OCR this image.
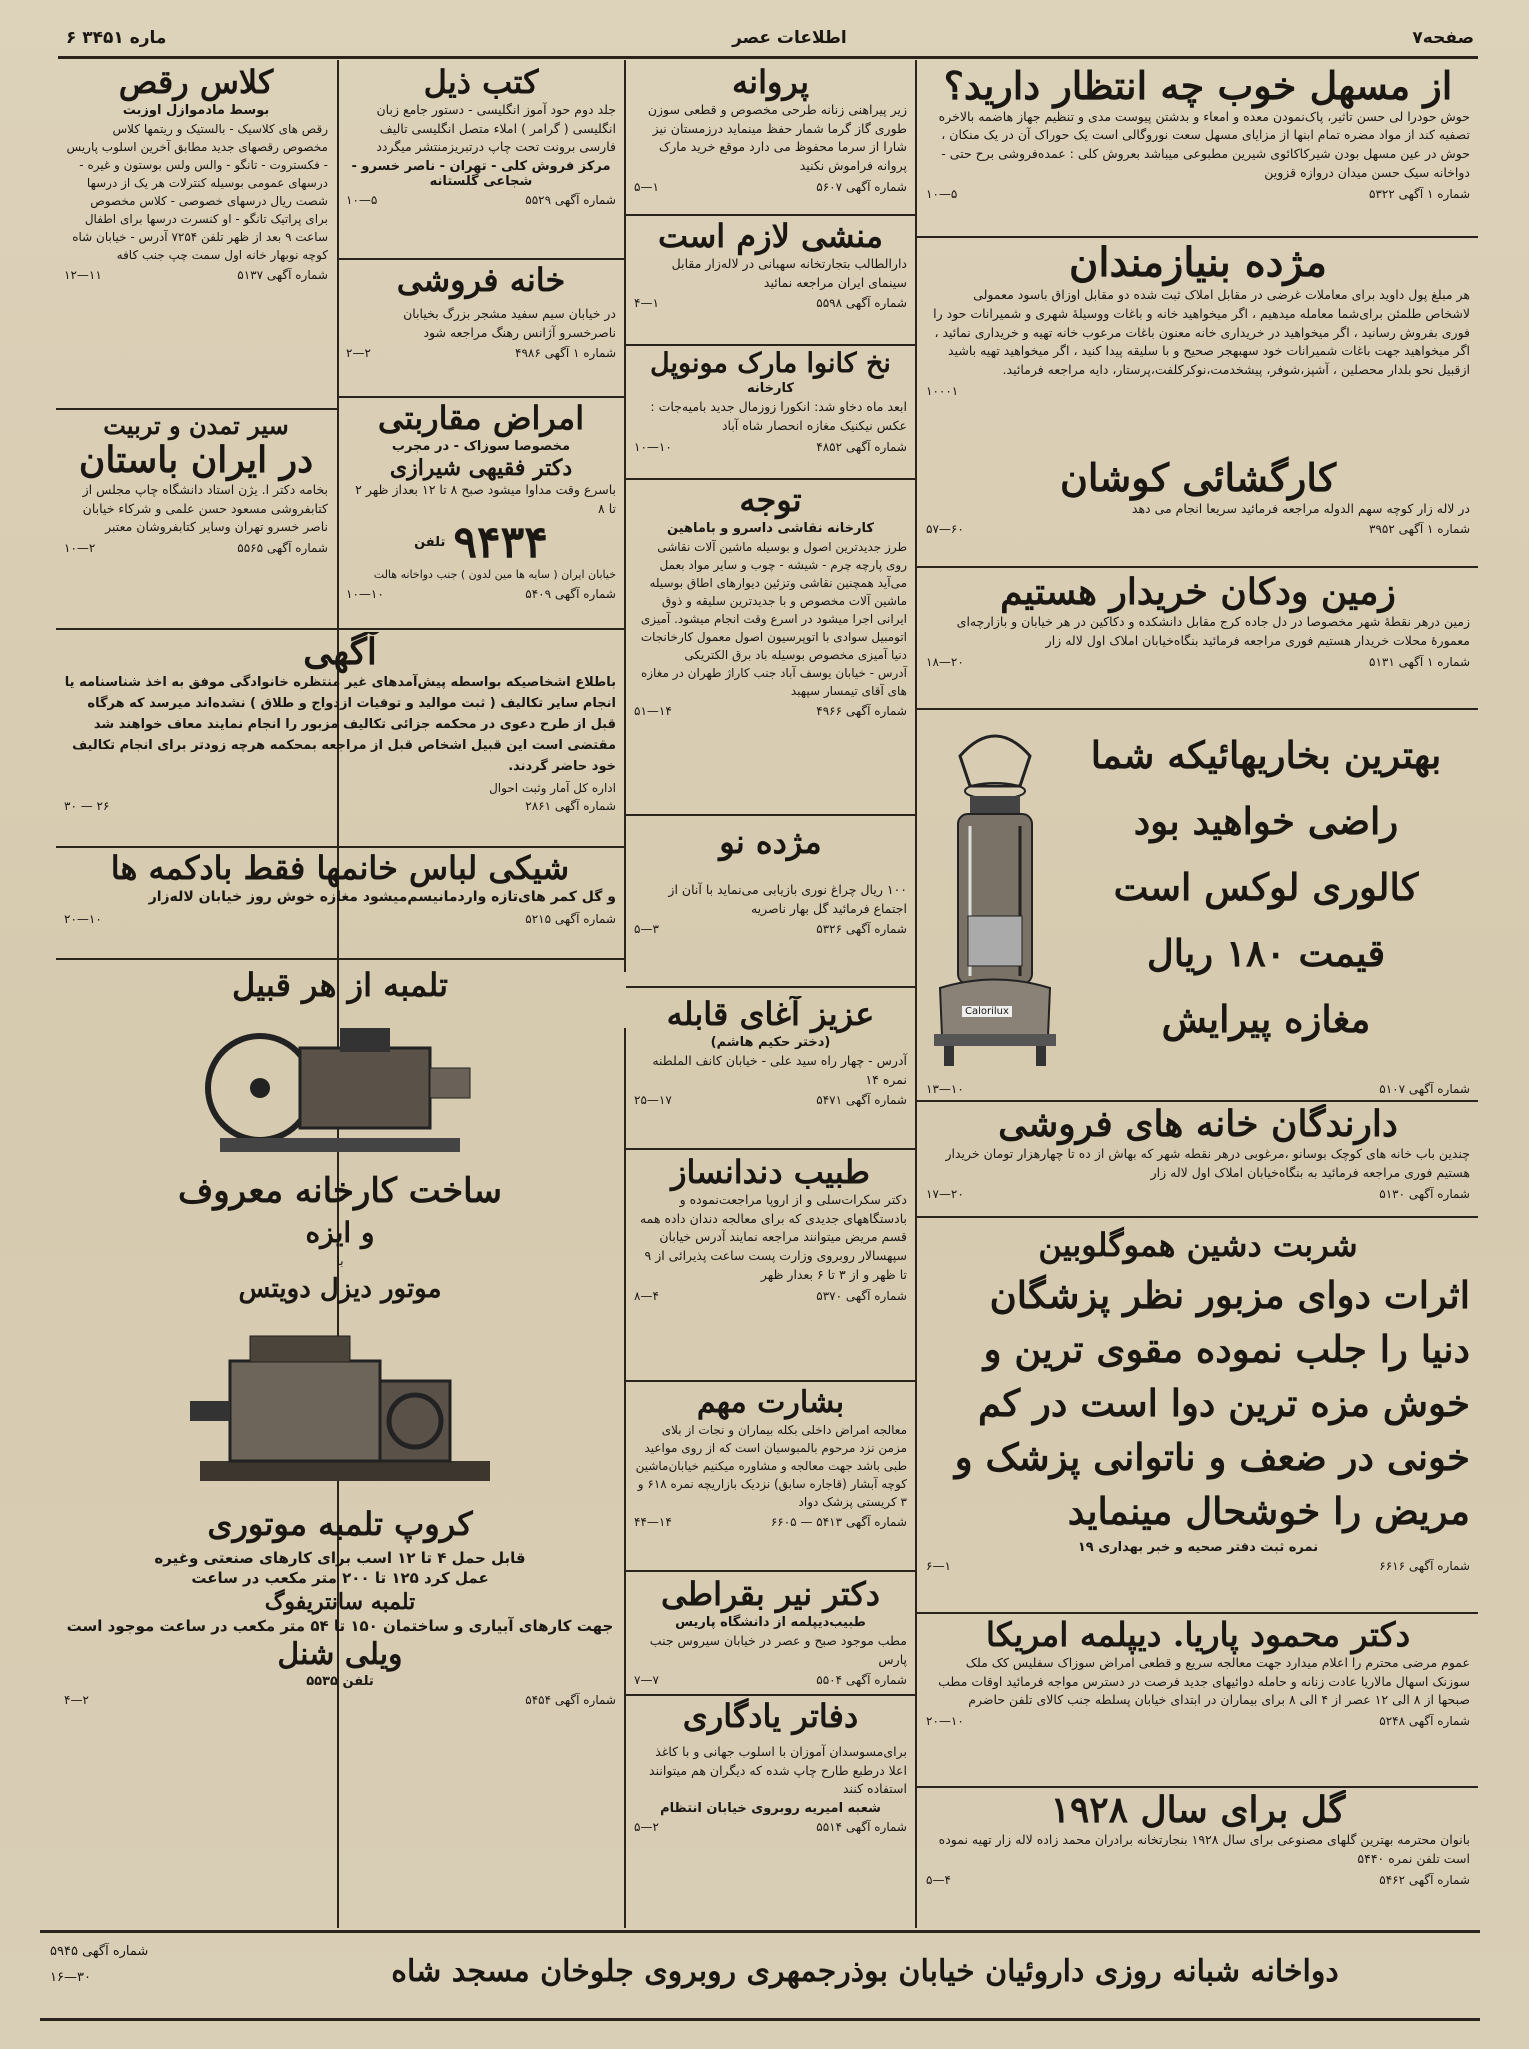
۶ ماره ۳۴۵۱	اطلاعات عصر	صفحه۷
از مسهل خوب چه انتظار دارید؟

حوش حودرا لی حسن تاثیر، پاک‌نمودن معده و امعاء و بدشتن پیوست مدی و تنظیم جهاز هاضمه بالاخره تصفیه کند از مواد مضره تمام ابنها از مزایای مسهل سعت نوروگالی است یک حوراک آن در یک منکان ، حوش در عین مسهل بودن شیرکاکائوی شیرین مطبوعی میباشد بعروش کلی : عمده‌فروشی برح حتی - دواخانه سیک حسن میدان دروازه قزوین

شماره ۱ آگهی ۵۳۲۲
۵—۱۰
مژده بنیازمندان

هر مبلغ پول داوید برای معاملات غرضی در مقابل املاک ثبت شده دو مقابل اوزاق باسود معمولی لاشخاص طلمئن برای‌شما معامله میدهیم ، اگر میخواهید خانه و باغات ووسیلهٔ شهری و شمیرانات حود را فوری بفروش رسانید ، اگر میخواهید در خریداری خانه معنون باغات مرعوب خانه تهیه و خریداری نمائید ، اگر میخواهید جهت باغات شمیرانات خود سهبهجر صحیح و با سلیقه پیدا کنید ، اگر میخواهید تهیه باشید ازقبیل نحو بلدار محصلین ، آشپز،شوفر، پیشخدمت،نوکرکلفت،پرستار، دایه مراجعه فرمائید.

۱۰۰۰۱
کارگشائی کوشان

در لاله زار کوچه سهم الدوله مراجعه فرمائید سریعا انجام می دهد

شماره ۱ آگهی ۳۹۵۲
۶۰—۵۷
زمین ودکان خریدار هستیم

زمین درهر نقطهٔ شهر مخصوصا در دل جاده کرج مقابل دانشکده و دکاکین در هر خیابان و بازارچه‌ای معمورهٔ محلات خریدار هستیم فوری مراجعه فرمائید بنگاه‌خیابان املاک اول لاله زار

شماره ۱ آگهی ۵۱۳۱
۲۰—۱۸
بهترین بخاریهائیکه شما
راضی خواهید بود
کالوری لوکس است
قیمت ۱۸۰ ریال
مغازه پیرایش
Calorilux
شماره آگهی ۵۱۰۷
۱۰—۱۳
دارندگان خانه های فروشی

چندین باب خانه های کوچک بوسانو ،مرغوبی درهر نقطه شهر که بهاش از ده تا چهارهزار تومان خریدار هستیم فوری مراجعه فرمائید به بنگاه‌خیابان املاک اول لاله زار

شماره آگهی ۵۱۳۰
۲۰—۱۷
شربت دشین هموگلوبین
اثرات دوای مزبور نظر پزشگان
دنیا را جلب نموده مقوی ترین و
خوش مزه ترین دوا است در کم
خونی در ضعف و ناتوانی پزشک و
مریض را خوشحال مینماید
نمره ثبت دفتر صحیه و خبر بهداری ۱۹
شماره آگهی ۶۶۱۶
۱—۶
دکتر محمود پاریا. دیپلمه امریکا

عموم مرضی محترم را اعلام میدارد جهت معالجه سریع و قطعی امراض سوزاک سفلیس کک ملک سوزنک اسهال مالاریا عادت زنانه و حامله دوائیهای جدید فرصت در دسترس مواجه فرمائید اوقات مطب صبحها از ۸ الی ۱۲ عصر از ۴ الی ۸ برای بیماران در ابتدای خیابان پسلطه جنب کالای تلفن حاضرم

شماره آگهی ۵۲۴۸
۱۰—۲۰
گل برای سال ۱۹۲۸

بانوان محترمه بهترین گلهای مصنوعی برای سال ۱۹۲۸ بنجارتخانه برادران محمد زاده لاله زار تهیه نموده است تلفن نمره ۵۴۴۰

شماره آگهی ۵۴۶۲
۴—۵
پروانه

زیر پیراهنی زنانه طرحی مخصوص و قطعی سوزن طوری گاز گرما شمار حفظ مینماید درزمستان نیز شارا از سرما محفوظ می دارد موقع خرید مارک پروانه فراموش نکنید

شماره آگهی ۵۶۰۷
۱—۵
منشی لازم است

دارالطالب بتجارتخانه سهبانی در لاله‌زار مقابل سینمای ایران مراجعه نمائید

شماره آگهی ۵۵۹۸
۱—۴
نخ کانوا مارک مونوپل
کارخانه

ابعد ماه دخاو شد: انکورا زوزمال جدید بامیه‌جات : عکس نیکنیک مغازه انحصار شاه آباد

شماره آگهی ۴۸۵۲
۱۰—۱۰
توجه
کارخانه نقاشی داسرو و باماهین

طرز جدیدترین اصول و بوسیله ماشین آلات نقاشی روی پارچه چرم - شیشه - چوب و سایر مواد بعمل می‌آید همچنین نقاشی وتزئین دیوارهای اطاق بوسیله ماشین آلات مخصوص و با جدیدترین سلیقه و ذوق ایرانی اجرا میشود در اسرع وقت انجام میشود. آمیزی اتومبیل سوادی با اتوپرسیون اصول معمول کارخانجات دنیا آمیزی مخصوص بوسیله باد برق الکتریکی

آدرس - خیابان یوسف آباد جنب کاراژ طهران در مغازه های آقای تیمسار سپهبد

شماره آگهی ۴۹۶۶
۱۴—۵۱
مژده نو

۱۰۰ ریال چراغ نوری بازیابی می‌نماید با آنان از اجتماع فرمائید گل بهار ناصریه

شماره آگهی ۵۳۲۶
۳—۵
عزیز آغای قابله
(دختر حکیم هاشم)

آدرس - چهار راه سید علی - خیابان کانف الملطنه نمره ۱۴

شماره آگهی ۵۴۷۱
۱۷—۲۵
طبیب دندانساز

دکتر سکرات‌سلی و از اروپا مراجعت‌نموده و بادستگاههای جدیدی که برای معالجه دندان داده همه قسم مریض میتوانند مراجعه نمایند آدرس خیابان سپهسالار روبروی وزارت پست ساعت پذیرائی از ۹ تا ظهر و از ۳ تا ۶ بعدار ظهر

شماره آگهی ۵۳۷۰
۴—۸
بشارت مهم

معالجه امراض داخلی بکله بیماران و نجات از بلای مزمن نزد مرحوم بالمبوسیان است که از روی مواعید طبی باشد جهت معالجه و مشاوره میکنیم خیابان‌ماشین کوچه آبشار (قاجاره سابق) نزدیک بازاریچه نمره ۶۱۸ و ۳ کریستی پزشک دواد

شماره آگهی ۵۴۱۳ — ۶۶۰۵
۱۴—۴۴
دکتر نیر بقراطی
طبیب‌دیپلمه از دانشگاه پاریس

مطب موجود صبح و عصر در خیابان سیروس جنب پارس

شماره آگهی ۵۵۰۴
۷—۷
دفاتر یادگاری

برای‌مسوسدان آموزان با اسلوب جهانی و با کاغذ اعلا درطبع طارح چاپ شده که دیگران هم میتوانند استفاده کنند

شعبه امیریه روبروی خیابان انتظام
شماره آگهی ۵۵۱۴
۲—۵
کتب ذیل

جلد دوم حود آموز انگلیسی - دستور جامع زبان انگلیسی ( گرامر ) املاء متصل انگلیسی تالیف فارسی برونت تحت چاپ درتبریزمنتشر میگردد

مرکز فروش کلی - تهران - ناصر خسرو - شجاعی گلستانه
شماره آگهی ۵۵۲۹
۵—۱۰
خانه فروشی

در خیابان سیم سفید مشجر بزرگ بخیابان ناصرخسرو آژانس رهنگ مراجعه شود

شماره ۱ آگهی ۴۹۸۶
۲—۲
امراض مقاربتی
مخصوصا سوزاک - در مجرب
دکتر فقیهی شیرازی

باسرع وقت مداوا میشود صبح ۸ تا ۱۲ بعداز ظهر ۲ تا ۸

۹۴۳۴
تلفن

خیابان ایران ( سایه ها مین لدون ) جنب دواخانه هالت

شماره آگهی ۵۴۰۹
۱۰—۱۰
کلاس رقص
بوسط مادموازل اوزبت

رقص های کلاسیک - بالستیک و ریتمها کلاس مخصوص رقصهای جدید مطابق آخرین اسلوب پاریس - فکستروت - تانگو - والس ولس بوستون و غیره - درسهای عمومی بوسیله کنترلات هر یک از درسها شصت ریال درسهای خصوصی - کلاس مخصوص برای پراتیک تانگو - او کنسرت درسها برای اطفال ساعت ۹ بعد از ظهر تلفن ۷۲۵۴ آدرس - خیابان شاه کوچه نوبهار خانه اول سمت چپ جنب کافه

شماره آگهی ۵۱۳۷
۱۱—۱۲
سیر تمدن و تربیت
در ایران باستان

بخامه دکتر ا. یژن استاد دانشگاه چاپ مجلس از کتابفروشی مسعود حسن علمی و شرکاء خیابان ناصر خسرو تهران وسایر کتابفروشان معتبر

شماره آگهی ۵۵۶۵
۲—۱۰
آگهی

باطلاع اشخاصیکه بواسطه پیش‌آمدهای غیر منتظره خانوادگی موفق به اخذ شناسنامه یا انجام سایر تکالیف ( ثبت موالید و توفیات ازدواج و طلاق ) نشده‌اند میرسد که هرگاه قبل از طرح دعوی در محکمه جزائی تکالیف مزبور را انجام نمایند معاف خواهند شد مقتضی است این قبیل اشخاص قبل از مراجعه بمحکمه هرچه زودتر برای انجام تکالیف خود حاضر گردند.

اداره کل آمار وثبت احوال
شماره آگهی ۲۸۶۱
۲۶ — ۳۰
شیکی لباس خانمها فقط بادکمه ها

و گل کمر های‌تازه واردمانیسم‌میشود مغازه خوش روز خیابان لاله‌زار

شماره آگهی ۵۲۱۵
۱۰—۲۰
تلمبه از هر قبیل
ساخت کارخانه معروف
و ایزه
با
موتور دیزل دویتس
کروپ تلمبه موتوری
قابل حمل ۴ تا ۱۲ اسب برای کارهای صنعتی وغیره
عمل کرد ۱۲۵ تا ۲۰۰ متر مکعب در ساعت
تلمبه سانتریفوگ
جهت کارهای آبیاری و ساختمان ۱۵۰ تا ۵۴ متر مکعب در ساعت موجود است
ویلی شنل
تلفن ۵۵۳۵
شماره آگهی ۵۴۵۴
۲—۴
دواخانه شبانه روزی داروئیان خیابان بوذرجمهری روبروی جلوخان مسجد شاه
شماره آگهی ۵۹۴۵
۳۰—۱۶
